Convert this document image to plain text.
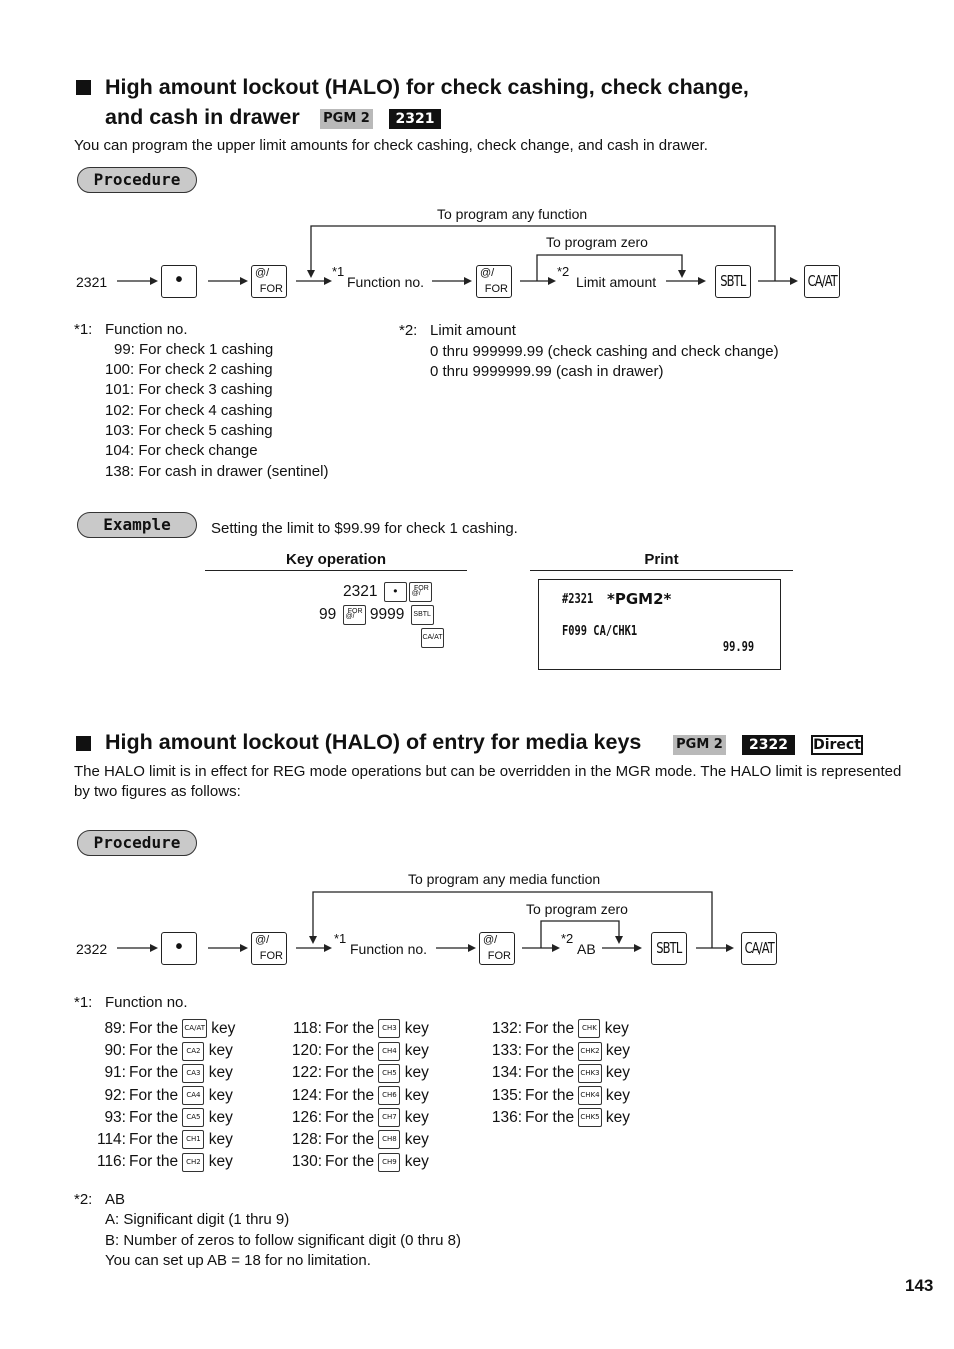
High amount lockout (HALO) for check cashing, check change,
and cash in drawer PGM 2	2321
You can program the upper limit amounts for check cashing, check change, and cash in drawer.
Procedure
To program any function
To program zero
2321	•	@/
FOR
*1
Function no.
@/
FOR
*2
Limit amount	SBTL	CA/AT
*1: Function no.
99: For check 1 cashing
100: For check 2 cashing
101: For check 3 cashing
102: For check 4 cashing
103: For check 5 cashing
104: For check change
138: For cash in drawer (sentinel)
*2: Limit amount
0 thru 999999.99 (check cashing and check change)
0 thru 9999999.99 (cash in drawer)
Example	Setting the limit to $99.99 for check 1 cashing.
Key operation	Print
2321 • @/
FOR
99 @/
FOR 9999 SBTL
CA/AT
#2321 *PGM2*
F099 CA/CHK1
99.99
High amount lockout (HALO) of entry for media keys	PGM 2	2322	Direct
The HALO limit is in effect for REG mode operations but can be overridden in the MGR mode. The HALO limit is represented by two figures as follows:
Procedure
To program any media function
To program zero
2322	•	@/
FOR
*1
Function no.
@/
FOR
*2
AB	SBTL	CA/AT
*1: Function no.
89: For the CA/AT key
90: For the CA2 key
91: For the CA3 key
92: For the CA4 key
93: For the CA5 key
114: For the CH1 key
116: For the CH2 key
118: For the CH3 key
120: For the CH4 key
122: For the CH5 key
124: For the CH6 key
126: For the CH7 key
128: For the CH8 key
130: For the CH9 key
132: For the CHK key
133: For the CHK2 key
134: For the CHK3 key
135: For the CHK4 key
136: For the CHK5 key
*2: AB
A: Significant digit (1 thru 9)
B: Number of zeros to follow significant digit (0 thru 8)
You can set up AB = 18 for no limitation.
143
